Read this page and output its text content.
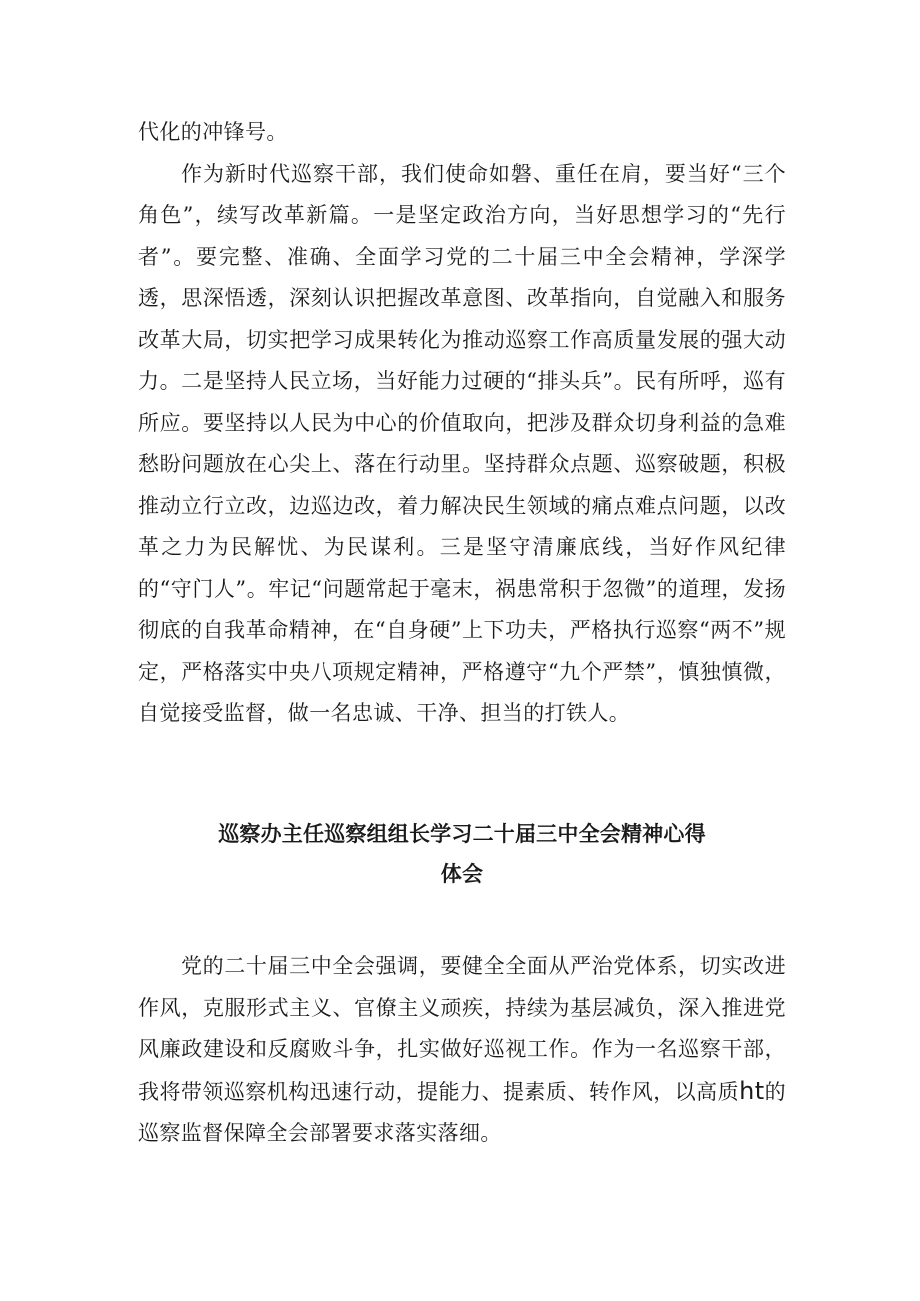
代化的冲锋号。

作为新时代巡察干部，我们使命如磐、重任在肩，要当好“三个角色”，续写改革新篇。一是坚定政治方向，当好思想学习的“先行者”。要完整、准确、全面学习党的二十届三中全会精神，学深学透，思深悟透，深刻认识把握改革意图、改革指向，自觉融入和服务改革大局，切实把学习成果转化为推动巡察工作高质量发展的强大动力。二是坚持人民立场，当好能力过硬的“排头兵”。民有所呼，巡有所应。要坚持以人民为中心的价值取向，把涉及群众切身利益的急难愁盼问题放在心尖上、落在行动里。坚持群众点题、巡察破题，积极推动立行立改，边巡边改，着力解决民生领域的痛点难点问题，以改革之力为民解忧、为民谋利。三是坚守清廉底线，当好作风纪律的“守门人”。牢记“问题常起于毫末，祸患常积于忽微”的道理，发扬彻底的自我革命精神，在“自身硬”上下功夫，严格执行巡察“两不”规定，严格落实中央八项规定精神，严格遵守“九个严禁”，慎独慎微，自觉接受监督，做一名忠诚、干净、担当的打铁人。

巡察办主任巡察组组长学习二十届三中全会精神心得
体会

党的二十届三中全会强调，要健全全面从严治党体系，切实改进作风，克服形式主义、官僚主义顽疾，持续为基层减负，深入推进党风廉政建设和反腐败斗争，扎实做好巡视工作。作为一名巡察干部，我将带领巡察机构迅速行动，提能力、提素质、转作风，以高质ht的巡察监督保障全会部署要求落实落细。
